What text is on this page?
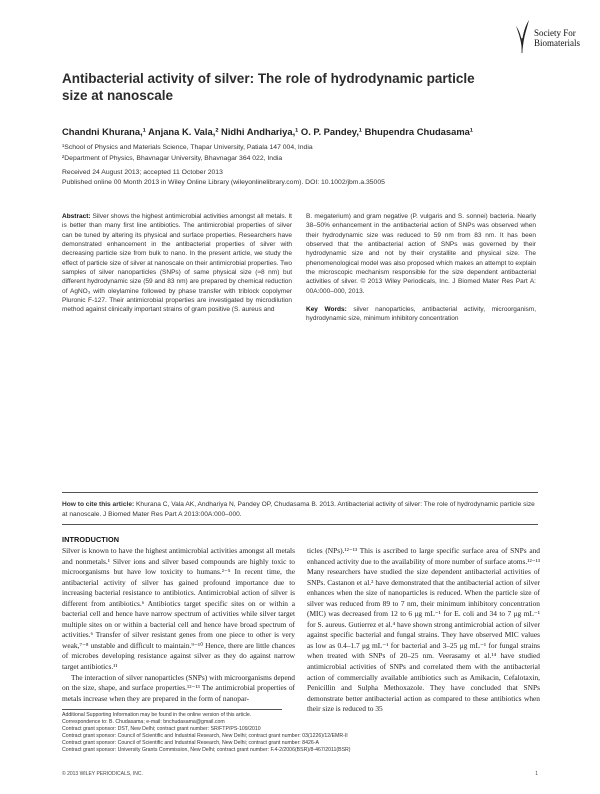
Society For
Biomaterials
Antibacterial activity of silver: The role of hydrodynamic particle size at nanoscale
Chandni Khurana,¹ Anjana K. Vala,² Nidhi Andhariya,¹ O. P. Pandey,¹ Bhupendra Chudasama¹
¹School of Physics and Materials Science, Thapar University, Patiala 147 004, India
²Department of Physics, Bhavnagar University, Bhavnagar 364 022, India
Received 24 August 2013; accepted 11 October 2013
Published online 00 Month 2013 in Wiley Online Library (wileyonlinelibrary.com). DOI: 10.1002/jbm.a.35005
Abstract: Silver shows the highest antimicrobial activities amongst all metals. It is better than many first line antibiotics. The antimicrobial properties of silver can be tuned by altering its physical and surface properties. Researchers have demonstrated enhancement in the antibacterial properties of silver with decreasing particle size from bulk to nano. In the present article, we study the effect of particle size of silver at nanoscale on their antimicrobial properties. Two samples of silver nanoparticles (SNPs) of same physical size (≈8 nm) but different hydrodynamic size (59 and 83 nm) are prepared by chemical reduction of AgNO₃ with oleylamine followed by phase transfer with triblock copolymer Pluronic F-127. Their antimicrobial properties are investigated by microdilution method against clinically important strains of gram positive (S. aureus and
B. megaterium) and gram negative (P. vulgaris and S. sonnei) bacteria. Nearly 38–50% enhancement in the antibacterial action of SNPs was observed when their hydrodynamic size was reduced to 59 nm from 83 nm. It has been observed that the antibacterial action of SNPs was governed by their hydrodynamic size and not by their crystallite and physical size. The phenomenological model was also proposed which makes an attempt to explain the microscopic mechanism responsible for the size dependent antibacterial activities of silver. © 2013 Wiley Periodicals, Inc. J Biomed Mater Res Part A: 00A:000–000, 2013.
Key Words: silver nanoparticles, antibacterial activity, microorganism, hydrodynamic size, minimum inhibitory concentration
How to cite this article: Khurana C, Vala AK, Andhariya N, Pandey OP, Chudasama B. 2013. Antibacterial activity of silver: The role of hydrodynamic particle size at nanoscale. J Biomed Mater Res Part A 2013:00A:000–000.
INTRODUCTION

Silver is known to have the highest antimicrobial activities amongst all metals and nonmetals.¹ Silver ions and silver based compounds are highly toxic to microorganisms but have low toxicity to humans.²⁻⁵ In recent time, the antibacterial activity of silver has gained profound importance due to increasing bacterial resistance to antibiotics. Antimicrobial action of silver is different from antibiotics.⁶ Antibiotics target specific sites on or within a bacterial cell and hence have narrow spectrum of activities while silver target multiple sites on or within a bacterial cell and hence have broad spectrum of activities.⁶ Transfer of silver resistant genes from one piece to other is very weak,⁷⁻⁸ unstable and difficult to maintain.⁹⁻¹⁰ Hence, there are little chances of microbes developing resistance against silver as they do against narrow target antibiotics.¹¹

The interaction of silver nanoparticles (SNPs) with microorganisms depend on the size, shape, and surface properties.¹²⁻¹³ The antimicrobial properties of metals increase when they are prepared in the form of nanopar-

ticles (NPs).¹²⁻¹³ This is ascribed to large specific surface area of SNPs and enhanced activity due to the availability of more number of surface atoms.¹²⁻¹³ Many researchers have studied the size dependent antibacterial activities of SNPs. Castanon et al.² have demonstrated that the antibacterial action of silver enhances when the size of nanoparticles is reduced. When the particle size of silver was reduced from 89 to 7 nm, their minimum inhibitory concentration (MIC) was decreased from 12 to 6 μg mL⁻¹ for E. coli and 34 to 7 μg mL⁻¹ for S. aureus. Gutierrez et al.⁴ have shown strong antimicrobial action of silver against specific bacterial and fungal strains. They have observed MIC values as low as 0.4–1.7 μg mL⁻¹ for bacterial and 3–25 μg mL⁻¹ for fungal strains when treated with SNPs of 20–25 nm. Veerasamy et al.¹⁴ have studied antimicrobial activities of SNPs and correlated them with the antibacterial action of commercially available antibiotics such as Amikacin, Cefalotaxin, Penicillin and Sulpha Methoxazole. They have concluded that SNPs demonstrate better antibacterial action as compared to these antibiotics when their size is reduced to 35

Additional Supporting Information may be found in the online version of this article.
Correspondence to: B. Chudasama; e-mail: bnchudasama@gmail.com
Contract grant sponsor: DST, New Delhi; contract grant number: SR/FTP/PS-109/2010
Contract grant sponsor: Council of Scientific and Industrial Research, New Delhi; contract grant number: 03(1226)/12/EMR-II
Contract grant sponsor: Council of Scientific and Industrial Research, New Delhi; contract grant number: 8426-A
Contract grant sponsor: University Grants Commission, New Delhi; contract grant number: F.4-2/2006(BSR)/8-467/2011(BSR)
© 2013 WILEY PERIODICALS, INC.	1
